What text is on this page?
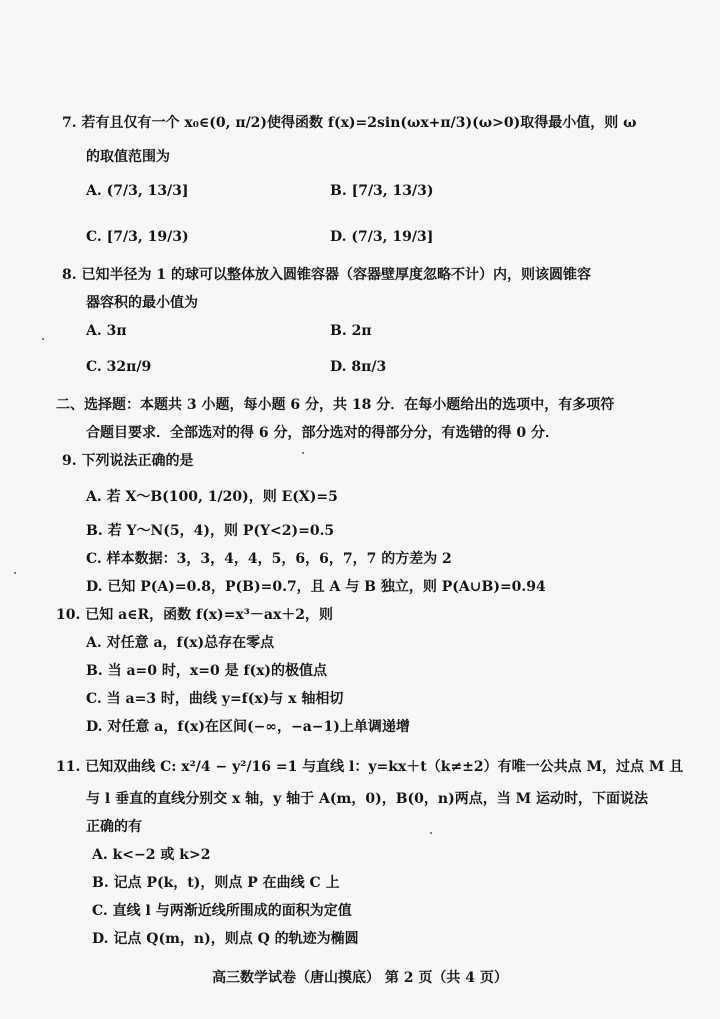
7. 若有且仅有一个 x₀∈(0, π/2)使得函数 f(x)=2sin(ωx+π/3)(ω>0)取得最小值，则 ω
的取值范围为
A. (7/3, 13/3]	B. [7/3, 13/3)
C. [7/3, 19/3)	D. (7/3, 19/3]
8. 已知半径为 1 的球可以整体放入圆锥容器（容器壁厚度忽略不计）内，则该圆锥容
器容积的最小值为
A. 3π	B. 2π
C. 32π/9	D. 8π/3
二、选择题：本题共 3 小题，每小题 6 分，共 18 分．在每小题给出的选项中，有多项符
合题目要求．全部选对的得 6 分，部分选对的得部分分，有选错的得 0 分．
9. 下列说法正确的是
A. 若 X～B(100, 1/20)，则 E(X)=5
B. 若 Y～N(5，4)，则 P(Y<2)=0.5
C. 样本数据：3，3，4，4，5，6，6，7，7 的方差为 2
D. 已知 P(A)=0.8，P(B)=0.7，且 A 与 B 独立，则 P(A∪B)=0.94
10. 已知 a∈R，函数 f(x)=x³－ax＋2，则
A. 对任意 a，f(x)总存在零点
B. 当 a=0 时，x=0 是 f(x)的极值点
C. 当 a=3 时，曲线 y=f(x)与 x 轴相切
D. 对任意 a，f(x)在区间(−∞，−a−1)上单调递增
11. 已知双曲线 C: x²/4 − y²/16 =1 与直线 l：y=kx＋t（k≠±2）有唯一公共点 M，过点 M 且
与 l 垂直的直线分别交 x 轴，y 轴于 A(m，0)，B(0，n)两点，当 M 运动时，下面说法
正确的有
A. k<−2 或 k>2
B. 记点 P(k，t)，则点 P 在曲线 C 上
C. 直线 l 与两渐近线所围成的面积为定值
D. 记点 Q(m，n)，则点 Q 的轨迹为椭圆
高三数学试卷（唐山摸底） 第 2 页（共 4 页）
